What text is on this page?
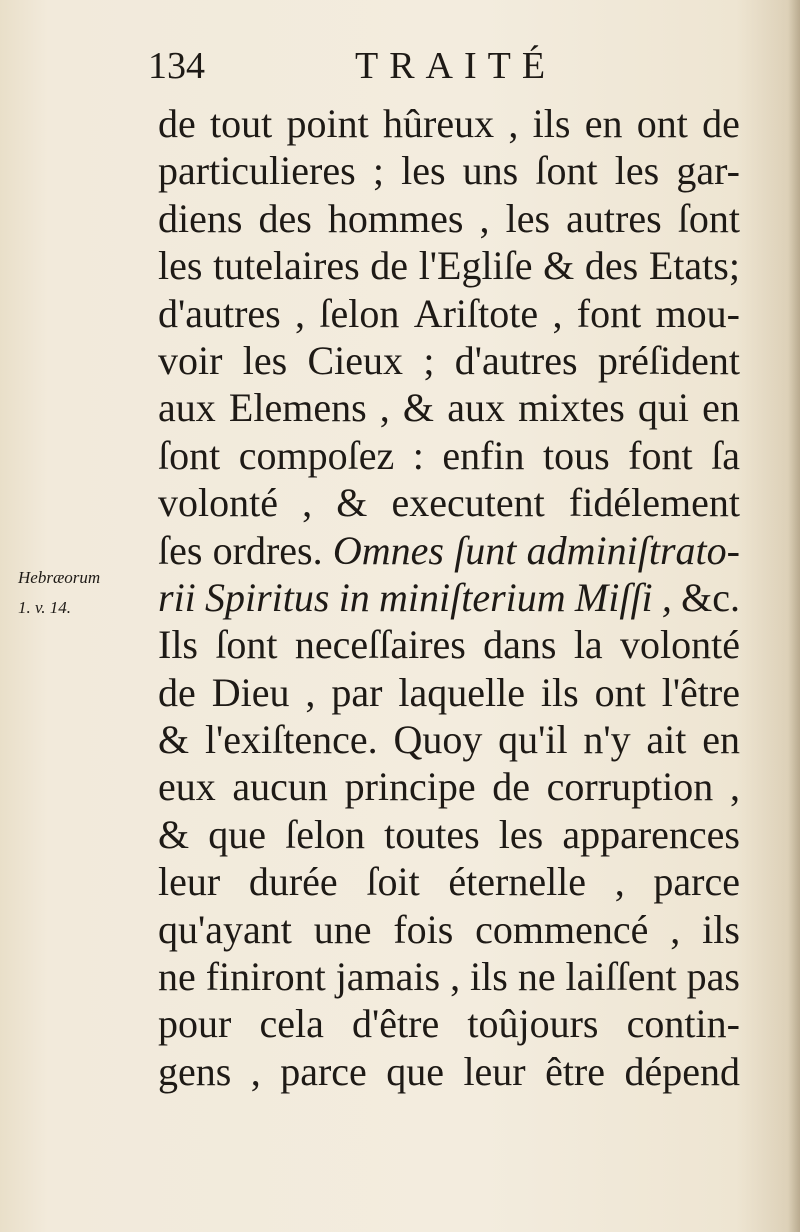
134	TRAITÉ
Hebræorum
1. v. 14.
de tout point hûreux , ils en ont de
particulieres ; les uns ſont les gar-
diens des hommes , les autres ſont
les tutelaires de l'Egliſe & des Etats;
d'autres , ſelon Ariſtote , font mou-
voir les Cieux ; d'autres préſident
aux Elemens , & aux mixtes qui en
ſont compoſez : enfin tous font ſa
volonté , & executent fidélement
ſes ordres. Omnes ſunt adminiſtrato-
rii Spiritus in miniſterium Miſſi , &c.
Ils ſont neceſſaires dans la volonté
de Dieu , par laquelle ils ont l'être
& l'exiſtence. Quoy qu'il n'y ait en
eux aucun principe de corruption ,
& que ſelon toutes les apparences
leur durée ſoit éternelle , parce
qu'ayant une fois commencé , ils
ne finiront jamais , ils ne laiſſent pas
pour cela d'être toûjours contin-
gens , parce que leur être dépend
